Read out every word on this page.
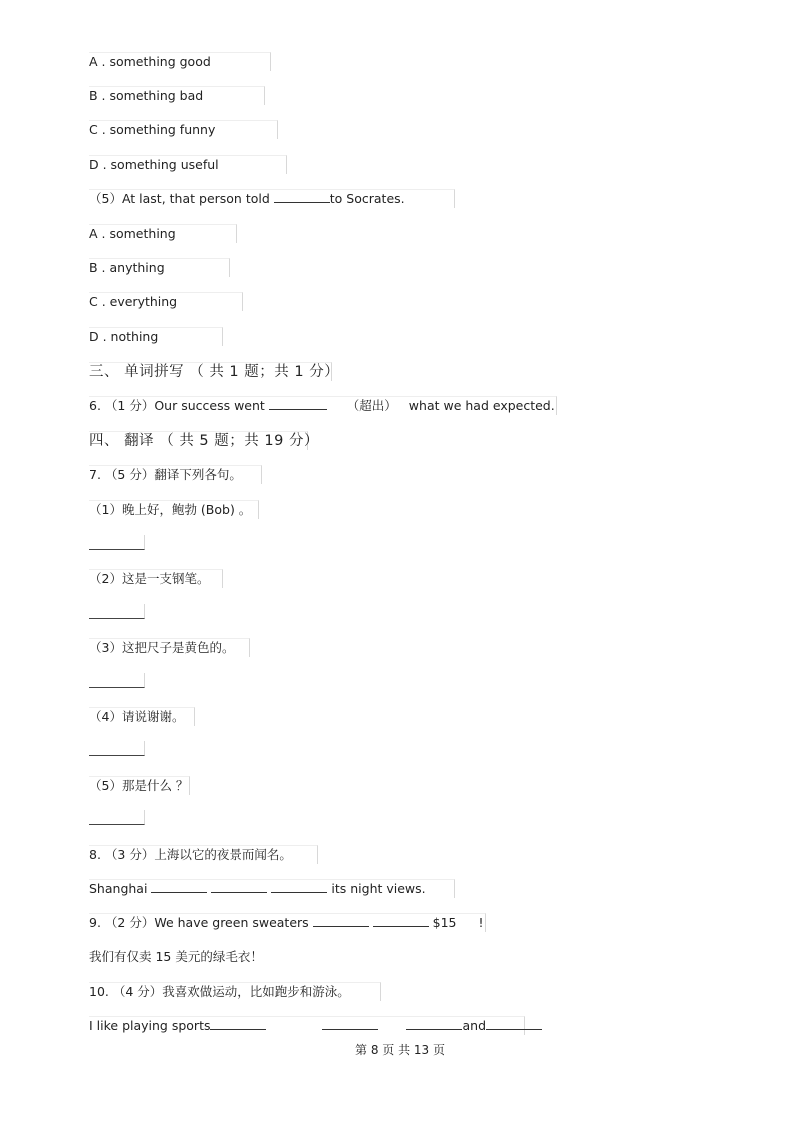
A . something good
B . something bad
C . something funny
D . something useful
（5）At last, that person told	to Socrates.
A . something
B . anything
C . everything
D . nothing
三、 单词拼写 （ 共 1 题；共 1 分）
6. （1 分）Our success went	（超出） what we had expected.
四、 翻译 （ 共 5 题；共 19 分）
7. （5 分）翻译下列各句。
（1）晚上好，鲍勃 (Bob) 。
（2）这是一支钢笔。
（3）这把尺子是黄色的。
（4）请说谢谢。
（5）那是什么 ？
8. （3 分）上海以它的夜景而闻名。
Shanghai	its night views.
9. （2 分）We have green sweaters	$15 !
我们有仅卖 15 美元的绿毛衣！
10. （4 分）我喜欢做运动，比如跑步和游泳。
I like playing sports	and
第 8 页 共 13 页
